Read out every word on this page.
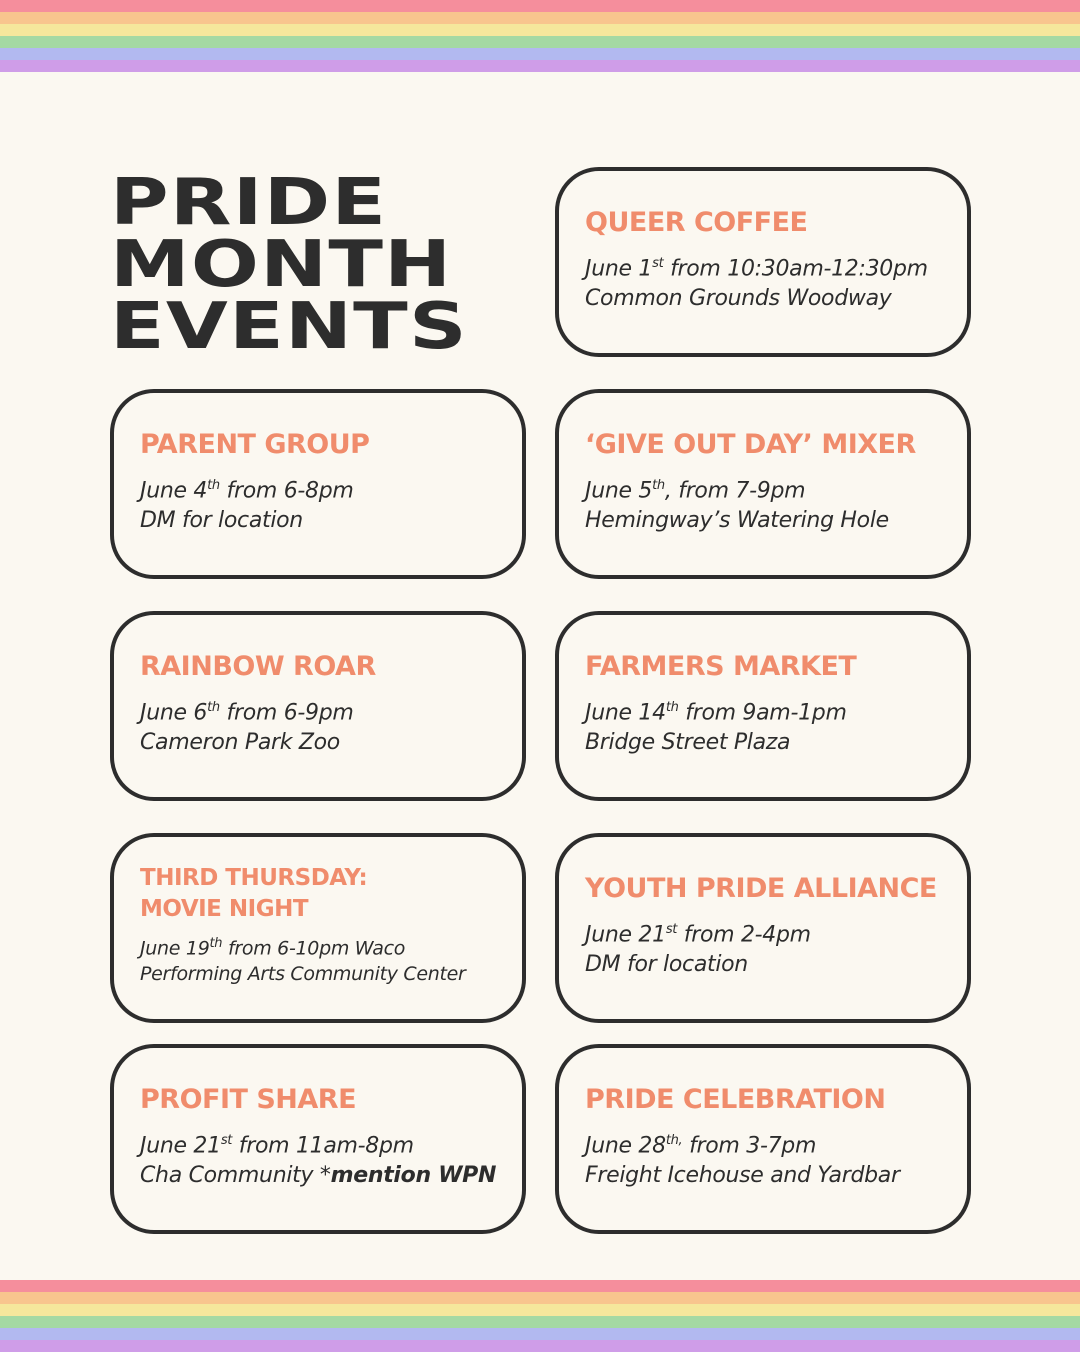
PRIDE
MONTH
EVENTS
QUEER COFFEE

June 1st from 10:30am-12:30pm

Common Grounds Woodway

PARENT GROUP

June 4th from 6-8pm

DM for location

‘GIVE OUT DAY’ MIXER

June 5th, from 7-9pm

Hemingway’s Watering Hole

RAINBOW ROAR

June 6th from 6-9pm

Cameron Park Zoo

FARMERS MARKET

June 14th from 9am-1pm

Bridge Street Plaza

THIRD THURSDAY:
MOVIE NIGHT

June 19th from 6-10pm Waco Performing Arts Community Center

YOUTH PRIDE ALLIANCE

June 21st from 2-4pm

DM for location

PROFIT SHARE

June 21st from 11am-8pm

Cha Community *mention WPN

PRIDE CELEBRATION

June $28^{th,}$ from 3-7pm

Freight Icehouse and Yardbar
